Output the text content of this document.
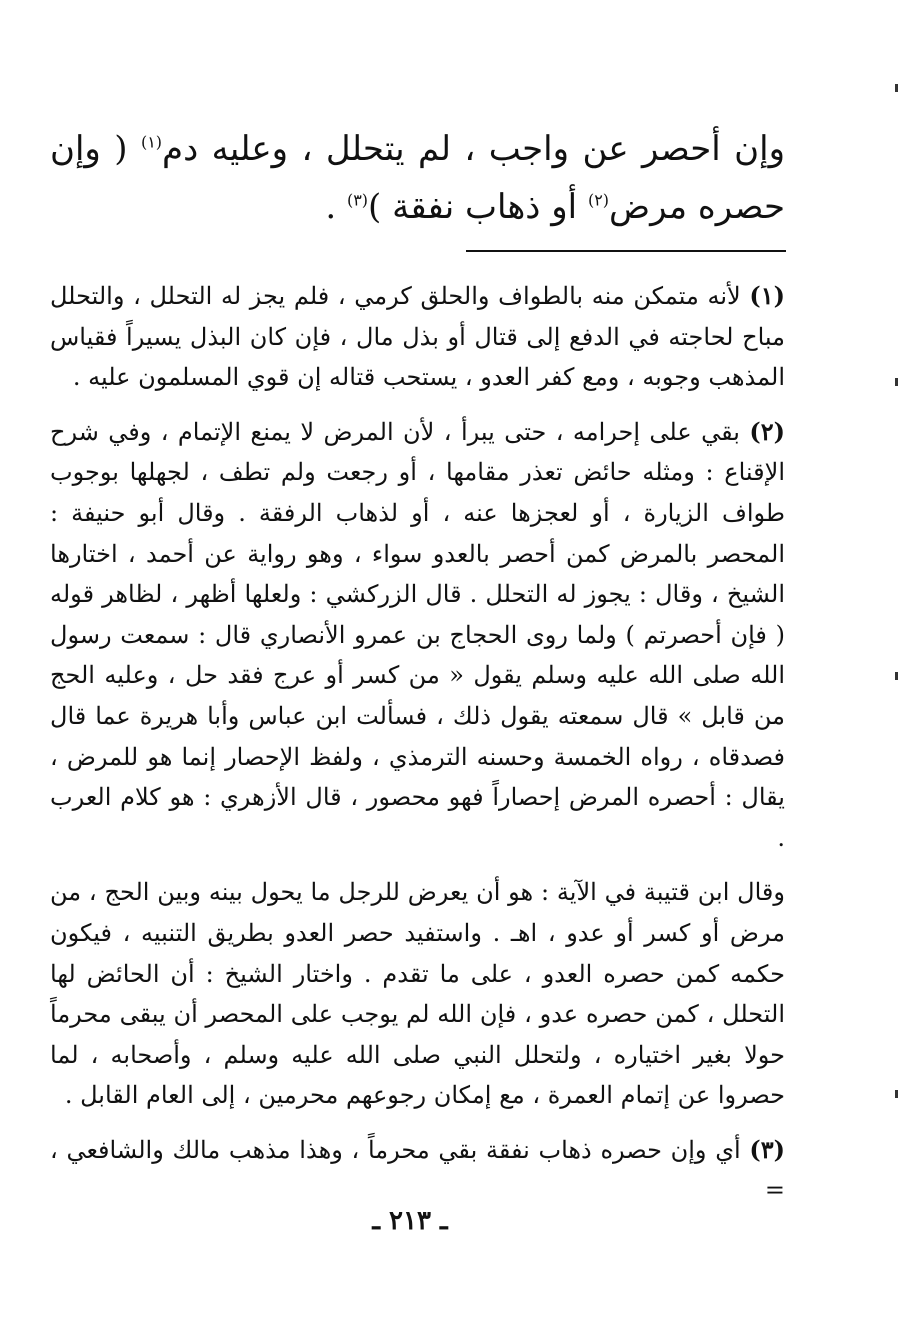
وإن أحصر عن واجب ، لم يتحلل ، وعليه دم$^{(١)}$ ( وإن حصره مرض$^{(٢)}$ أو ذهاب نفقة )$^{(٣)}$ .

(١) لأنه متمكن منه بالطواف والحلق كرمي ، فلم يجز له التحلل ، والتحلل مباح لحاجته في الدفع إلى قتال أو بذل مال ، فإن كان البذل يسيراً فقياس المذهب وجوبه ، ومع كفر العدو ، يستحب قتاله إن قوي المسلمون عليه .

(٢) بقي على إحرامه ، حتى يبرأ ، لأن المرض لا يمنع الإتمام ، وفي شرح الإقناع : ومثله حائض تعذر مقامها ، أو رجعت ولم تطف ، لجهلها بوجوب طواف الزيارة ، أو لعجزها عنه ، أو لذهاب الرفقة . وقال أبو حنيفة : المحصر بالمرض كمن أحصر بالعدو سواء ، وهو رواية عن أحمد ، اختارها الشيخ ، وقال : يجوز له التحلل . قال الزركشي : ولعلها أظهر ، لظاهر قوله ( فإن أحصرتم ) ولما روى الحجاج بن عمرو الأنصاري قال : سمعت رسول الله صلى الله عليه وسلم يقول « من كسر أو عرج فقد حل ، وعليه الحج من قابل » قال سمعته يقول ذلك ، فسألت ابن عباس وأبا هريرة عما قال فصدقاه ، رواه الخمسة وحسنه الترمذي ، ولفظ الإحصار إنما هو للمرض ، يقال : أحصره المرض إحصاراً فهو محصور ، قال الأزهري : هو كلام العرب .

وقال ابن قتيبة في الآية : هو أن يعرض للرجل ما يحول بينه وبين الحج ، من مرض أو كسر أو عدو ، اهـ . واستفيد حصر العدو بطريق التنبيه ، فيكون حكمه كمن حصره العدو ، على ما تقدم . واختار الشيخ : أن الحائض لها التحلل ، كمن حصره عدو ، فإن الله لم يوجب على المحصر أن يبقى محرماً حولا بغير اختياره ، ولتحلل النبي صلى الله عليه وسلم ، وأصحابه ، لما حصروا عن إتمام العمرة ، مع إمكان رجوعهم محرمين ، إلى العام القابل .

(٣) أي وإن حصره ذهاب نفقة بقي محرماً ، وهذا مذهب مالك والشافعي ، =

ـ ٢١٣ ـ
